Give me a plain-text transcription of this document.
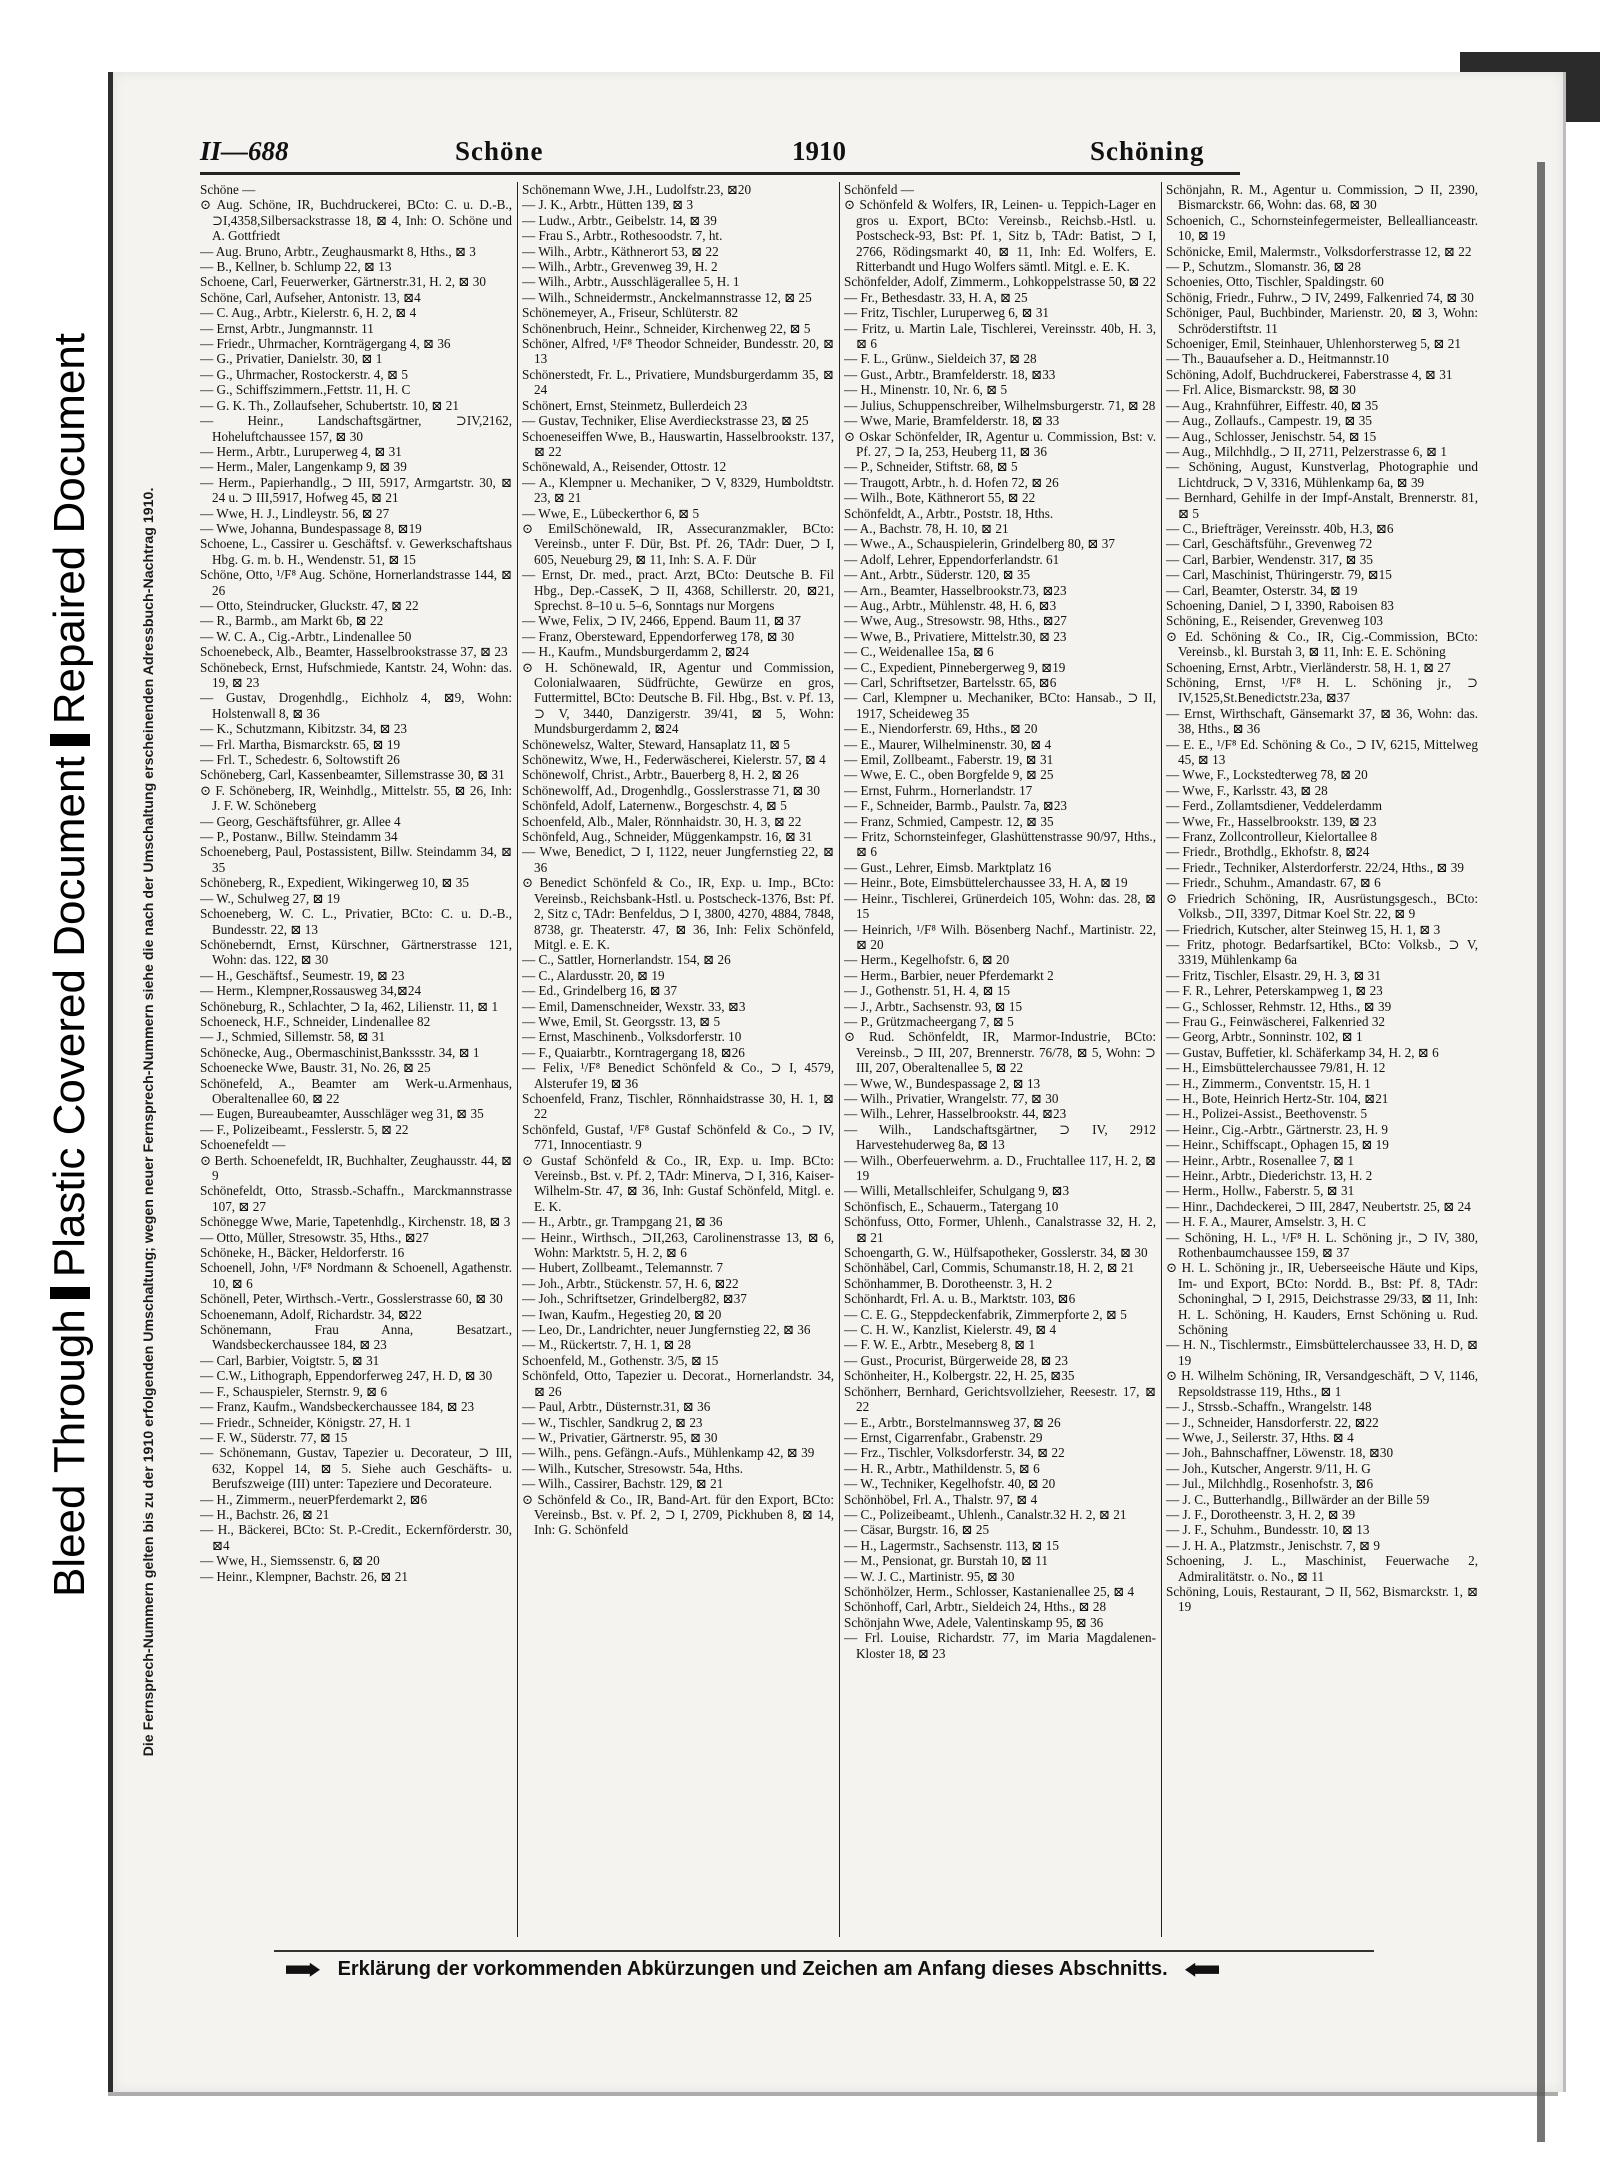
Bleed Through
Plastic Covered Document
Repaired Document	Die Fernsprech-Nummern gelten bis zu der 1910 erfolgenden Umschaltung; wegen neuer Fernsprech-Nummern siehe die nach der Umschaltung erscheinenden Adressbuch-Nachtrag 1910.
II—688	Schöne	1910	Schöning

Schöne —

⊙ Aug. Schöne, IR, Buchdruckerei, BCto: C. u. D.-B., ⊃I,4358,Silbersackstrasse 18, ⊠ 4, Inh: O. Schöne und A. Gottfriedt

— Aug. Bruno, Arbtr., Zeughausmarkt 8, Hths., ⊠ 3

— B., Kellner, b. Schlump 22, ⊠ 13

Schoene, Carl, Feuerwerker, Gärtnerstr.31, H. 2, ⊠ 30

Schöne, Carl, Aufseher, Antonistr. 13, ⊠4

— C. Aug., Arbtr., Kielerstr. 6, H. 2, ⊠ 4

— Ernst, Arbtr., Jungmannstr. 11

— Friedr., Uhrmacher, Kornträgergang 4, ⊠ 36

— G., Privatier, Danielstr. 30, ⊠ 1

— G., Uhrmacher, Rostockerstr. 4, ⊠ 5

— G., Schiffszimmern.,Fettstr. 11, H. C

— G. K. Th., Zollaufseher, Schubertstr. 10, ⊠ 21

— Heinr., Landschaftsgärtner, ⊃IV,2162, Hoheluftchaussee 157, ⊠ 30

— Herm., Arbtr., Luruperweg 4, ⊠ 31

— Herm., Maler, Langenkamp 9, ⊠ 39

— Herm., Papierhandlg., ⊃ III, 5917, Armgartstr. 30, ⊠ 24 u. ⊃ III,5917, Hofweg 45, ⊠ 21

— Wwe, H. J., Lindleystr. 56, ⊠ 27

— Wwe, Johanna, Bundespassage 8, ⊠19

Schoene, L., Cassirer u. Geschäftsf. v. Gewerkschaftshaus Hbg. G. m. b. H., Wendenstr. 51, ⊠ 15

Schöne, Otto, ¹/F⁸ Aug. Schöne, Hornerlandstrasse 144, ⊠ 26

— Otto, Steindrucker, Gluckstr. 47, ⊠ 22

— R., Barmb., am Markt 6b, ⊠ 22

— W. C. A., Cig.-Arbtr., Lindenallee 50

Schoenebeck, Alb., Beamter, Hasselbrookstrasse 37, ⊠ 23

Schönebeck, Ernst, Hufschmiede, Kantstr. 24, Wohn: das. 19, ⊠ 23

— Gustav, Drogenhdlg., Eichholz 4, ⊠9, Wohn: Holstenwall 8, ⊠ 36

— K., Schutzmann, Kibitzstr. 34, ⊠ 23

— Frl. Martha, Bismarckstr. 65, ⊠ 19

— Frl. T., Schedestr. 6, Soltowstift 26

Schöneberg, Carl, Kassenbeamter, Sillemstrasse 30, ⊠ 31

⊙ F. Schöneberg, IR, Weinhdlg., Mittelstr. 55, ⊠ 26, Inh: J. F. W. Schöneberg

— Georg, Geschäftsführer, gr. Allee 4

— P., Postanw., Billw. Steindamm 34

Schoeneberg, Paul, Postassistent, Billw. Steindamm 34, ⊠ 35

Schöneberg, R., Expedient, Wikingerweg 10, ⊠ 35

— W., Schulweg 27, ⊠ 19

Schoeneberg, W. C. L., Privatier, BCto: C. u. D.-B., Bundesstr. 22, ⊠ 13

Schöneberndt, Ernst, Kürschner, Gärtnerstrasse 121, Wohn: das. 122, ⊠ 30

— H., Geschäftsf., Seumestr. 19, ⊠ 23

— Herm., Klempner,Rossausweg 34,⊠24

Schöneburg, R., Schlachter, ⊃ Ia, 462, Lilienstr. 11, ⊠ 1

Schoeneck, H.F., Schneider, Lindenallee 82

— J., Schmied, Sillemstr. 58, ⊠ 31

Schönecke, Aug., Obermaschinist,Bankssstr. 34, ⊠ 1

Schoenecke Wwe, Baustr. 31, No. 26, ⊠ 25

Schönefeld, A., Beamter am Werk-u.Armenhaus, Oberaltenallee 60, ⊠ 22

— Eugen, Bureaubeamter, Ausschläger weg 31, ⊠ 35

— F., Polizeibeamt., Fesslerstr. 5, ⊠ 22

Schoenefeldt —

⊙ Berth. Schoenefeldt, IR, Buchhalter, Zeughausstr. 44, ⊠ 9

Schönefeldt, Otto, Strassb.-Schaffn., Marckmannstrasse 107, ⊠ 27

Schönegge Wwe, Marie, Tapetenhdlg., Kirchenstr. 18, ⊠ 3

— Otto, Müller, Stresowstr. 35, Hths., ⊠27

Schöneke, H., Bäcker, Heldorferstr. 16

Schoenell, John, ¹/F⁸ Nordmann & Schoenell, Agathenstr. 10, ⊠ 6

Schönell, Peter, Wirthsch.-Vertr., Gosslerstrasse 60, ⊠ 30

Schoenemann, Adolf, Richardstr. 34, ⊠22

Schönemann, Frau Anna, Besatzart., Wandsbeckerchaussee 184, ⊠ 23

— Carl, Barbier, Voigtstr. 5, ⊠ 31

— C.W., Lithograph, Eppendorferweg 247, H. D, ⊠ 30

— F., Schauspieler, Sternstr. 9, ⊠ 6

— Franz, Kaufm., Wandsbeckerchaussee 184, ⊠ 23

— Friedr., Schneider, Königstr. 27, H. 1

— F. W., Süderstr. 77, ⊠ 15

— Schönemann, Gustav, Tapezier u. Decorateur, ⊃ III, 632, Koppel 14, ⊠ 5. Siehe auch Geschäfts- u. Berufszweige (III) unter: Tapeziere und Decorateure.

— H., Zimmerm., neuerPferdemarkt 2, ⊠6

— H., Bachstr. 26, ⊠ 21

— H., Bäckerei, BCto: St. P.-Credit., Eckernförderstr. 30, ⊠4

— Wwe, H., Siemssenstr. 6, ⊠ 20

— Heinr., Klempner, Bachstr. 26, ⊠ 21

Schönemann Wwe, J.H., Ludolfstr.23, ⊠20

— J. K., Arbtr., Hütten 139, ⊠ 3

— Ludw., Arbtr., Geibelstr. 14, ⊠ 39

— Frau S., Arbtr., Rothesoodstr. 7, ht.

— Wilh., Arbtr., Käthnerort 53, ⊠ 22

— Wilh., Arbtr., Grevenweg 39, H. 2

— Wilh., Arbtr., Ausschlägerallee 5, H. 1

— Wilh., Schneidermstr., Anckelmannstrasse 12, ⊠ 25

Schönemeyer, A., Friseur, Schlüterstr. 82

Schönenbruch, Heinr., Schneider, Kirchenweg 22, ⊠ 5

Schöner, Alfred, ¹/F⁸ Theodor Schneider, Bundesstr. 20, ⊠ 13

Schönerstedt, Fr. L., Privatiere, Mundsburgerdamm 35, ⊠ 24

Schönert, Ernst, Steinmetz, Bullerdeich 23

— Gustav, Techniker, Elise Averdieckstrasse 23, ⊠ 25

Schoeneseiffen Wwe, B., Hauswartin, Hasselbrookstr. 137, ⊠ 22

Schönewald, A., Reisender, Ottostr. 12

— A., Klempner u. Mechaniker, ⊃ V, 8329, Humboldtstr. 23, ⊠ 21

— Wwe, E., Lübeckerthor 6, ⊠ 5

⊙ EmilSchönewald, IR, Assecuranzmakler, BCto: Vereinsb., unter F. Dür, Bst. Pf. 26, TAdr: Duer, ⊃ I, 605, Neueburg 29, ⊠ 11, Inh: S. A. F. Dür

— Ernst, Dr. med., pract. Arzt, BCto: Deutsche B. Fil Hbg., Dep.-CasseK, ⊃ II, 4368, Schillerstr. 20, ⊠21, Sprechst. 8–10 u. 5–6, Sonntags nur Morgens

— Wwe, Felix, ⊃ IV, 2466, Eppend. Baum 11, ⊠ 37

— Franz, Obersteward, Eppendorferweg 178, ⊠ 30

— H., Kaufm., Mundsburgerdamm 2, ⊠24

⊙ H. Schönewald, IR, Agentur und Commission, Colonialwaaren, Südfrüchte, Gewürze en gros, Futtermittel, BCto: Deutsche B. Fil. Hbg., Bst. v. Pf. 13, ⊃ V, 3440, Danzigerstr. 39/41, ⊠ 5, Wohn: Mundsburgerdamm 2, ⊠24

Schönewelsz, Walter, Steward, Hansaplatz 11, ⊠ 5

Schönewitz, Wwe, H., Federwäscherei, Kielerstr. 57, ⊠ 4

Schönewolf, Christ., Arbtr., Bauerberg 8, H. 2, ⊠ 26

Schönewolff, Ad., Drogenhdlg., Gosslerstrasse 71, ⊠ 30

Schönfeld, Adolf, Laternenw., Borgeschstr. 4, ⊠ 5

Schoenfeld, Alb., Maler, Rönnhaidstr. 30, H. 3, ⊠ 22

Schönfeld, Aug., Schneider, Müggenkampstr. 16, ⊠ 31

— Wwe, Benedict, ⊃ I, 1122, neuer Jungfernstieg 22, ⊠ 36

⊙ Benedict Schönfeld & Co., IR, Exp. u. Imp., BCto: Vereinsb., Reichsbank-Hstl. u. Postscheck-1376, Bst: Pf. 2, Sitz c, TAdr: Benfeldus, ⊃ I, 3800, 4270, 4884, 7848, 8738, gr. Theaterstr. 47, ⊠ 36, Inh: Felix Schönfeld, Mitgl. e. E. K.

— C., Sattler, Hornerlandstr. 154, ⊠ 26

— C., Alardusstr. 20, ⊠ 19

— Ed., Grindelberg 16, ⊠ 37

— Emil, Damenschneider, Wexstr. 33, ⊠3

— Wwe, Emil, St. Georgsstr. 13, ⊠ 5

— Ernst, Maschinenb., Volksdorferstr. 10

— F., Quaiarbtr., Korntragergang 18, ⊠26

— Felix, ¹/F⁸ Benedict Schönfeld & Co., ⊃ I, 4579, Alsterufer 19, ⊠ 36

Schoenfeld, Franz, Tischler, Rönnhaidstrasse 30, H. 1, ⊠ 22

Schönfeld, Gustaf, ¹/F⁸ Gustaf Schönfeld & Co., ⊃ IV, 771, Innocentiastr. 9

⊙ Gustaf Schönfeld & Co., IR, Exp. u. Imp. BCto: Vereinsb., Bst. v. Pf. 2, TAdr: Minerva, ⊃ I, 316, Kaiser-Wilhelm-Str. 47, ⊠ 36, Inh: Gustaf Schönfeld, Mitgl. e. E. K.

— H., Arbtr., gr. Trampgang 21, ⊠ 36

— Heinr., Wirthsch., ⊃II,263, Carolinenstrasse 13, ⊠ 6, Wohn: Marktstr. 5, H. 2, ⊠ 6

— Hubert, Zollbeamt., Telemannstr. 7

— Joh., Arbtr., Stückenstr. 57, H. 6, ⊠22

— Joh., Schriftsetzer, Grindelberg82, ⊠37

— Iwan, Kaufm., Hegestieg 20, ⊠ 20

— Leo, Dr., Landrichter, neuer Jungfernstieg 22, ⊠ 36

— M., Rückertstr. 7, H. 1, ⊠ 28

Schoenfeld, M., Gothenstr. 3/5, ⊠ 15

Schönfeld, Otto, Tapezier u. Decorat., Hornerlandstr. 34, ⊠ 26

— Paul, Arbtr., Düsternstr.31, ⊠ 36

— W., Tischler, Sandkrug 2, ⊠ 23

— W., Privatier, Gärtnerstr. 95, ⊠ 30

— Wilh., pens. Gefängn.-Aufs., Mühlenkamp 42, ⊠ 39

— Wilh., Kutscher, Stresowstr. 54a, Hths.

— Wilh., Cassirer, Bachstr. 129, ⊠ 21

⊙ Schönfeld & Co., IR, Band-Art. für den Export, BCto: Vereinsb., Bst. v. Pf. 2, ⊃ I, 2709, Pickhuben 8, ⊠ 14, Inh: G. Schönfeld

Schönfeld —

⊙ Schönfeld & Wolfers, IR, Leinen- u. Teppich-Lager en gros u. Export, BCto: Vereinsb., Reichsb.-Hstl. u. Postscheck-93, Bst: Pf. 1, Sitz b, TAdr: Batist, ⊃ I, 2766, Rödingsmarkt 40, ⊠ 11, Inh: Ed. Wolfers, E. Ritterbandt und Hugo Wolfers sämtl. Mitgl. e. E. K.

Schönfelder, Adolf, Zimmerm., Lohkoppelstrasse 50, ⊠ 22

— Fr., Bethesdastr. 33, H. A, ⊠ 25

— Fritz, Tischler, Luruperweg 6, ⊠ 31

— Fritz, u. Martin Lale, Tischlerei, Vereinsstr. 40b, H. 3, ⊠ 6

— F. L., Grünw., Sieldeich 37, ⊠ 28

— Gust., Arbtr., Bramfelderstr. 18, ⊠33

— H., Minenstr. 10, Nr. 6, ⊠ 5

— Julius, Schuppenschreiber, Wilhelmsburgerstr. 71, ⊠ 28

— Wwe, Marie, Bramfelderstr. 18, ⊠ 33

⊙ Oskar Schönfelder, IR, Agentur u. Commission, Bst: v. Pf. 27, ⊃ Ia, 253, Heuberg 11, ⊠ 36

— P., Schneider, Stiftstr. 68, ⊠ 5

— Traugott, Arbtr., h. d. Hofen 72, ⊠ 26

— Wilh., Bote, Käthnerort 55, ⊠ 22

Schönfeldt, A., Arbtr., Poststr. 18, Hths.

— A., Bachstr. 78, H. 10, ⊠ 21

— Wwe., A., Schauspielerin, Grindelberg 80, ⊠ 37

— Adolf, Lehrer, Eppendorferlandstr. 61

— Ant., Arbtr., Süderstr. 120, ⊠ 35

— Arn., Beamter, Hasselbrookstr.73, ⊠23

— Aug., Arbtr., Mühlenstr. 48, H. 6, ⊠3

— Wwe, Aug., Stresowstr. 98, Hths., ⊠27

— Wwe, B., Privatiere, Mittelstr.30, ⊠ 23

— C., Weidenallee 15a, ⊠ 6

— C., Expedient, Pinnebergerweg 9, ⊠19

— Carl, Schriftsetzer, Bartelsstr. 65, ⊠6

— Carl, Klempner u. Mechaniker, BCto: Hansab., ⊃ II, 1917, Scheideweg 35

— E., Niendorferstr. 69, Hths., ⊠ 20

— E., Maurer, Wilhelminenstr. 30, ⊠ 4

— Emil, Zollbeamt., Faberstr. 19, ⊠ 31

— Wwe, E. C., oben Borgfelde 9, ⊠ 25

— Ernst, Fuhrm., Hornerlandstr. 17

— F., Schneider, Barmb., Paulstr. 7a, ⊠23

— Franz, Schmied, Campestr. 12, ⊠ 35

— Fritz, Schornsteinfeger, Glashüttenstrasse 90/97, Hths., ⊠ 6

— Gust., Lehrer, Eimsb. Marktplatz 16

— Heinr., Bote, Eimsbüttelerchaussee 33, H. A, ⊠ 19

— Heinr., Tischlerei, Grünerdeich 105, Wohn: das. 28, ⊠ 15

— Heinrich, ¹/F⁸ Wilh. Bösenberg Nachf., Martinistr. 22, ⊠ 20

— Herm., Kegelhofstr. 6, ⊠ 20

— Herm., Barbier, neuer Pferdemarkt 2

— J., Gothenstr. 51, H. 4, ⊠ 15

— J., Arbtr., Sachsenstr. 93, ⊠ 15

— P., Grützmacheergang 7, ⊠ 5

⊙ Rud. Schönfeldt, IR, Marmor-Industrie, BCto: Vereinsb., ⊃ III, 207, Brennerstr. 76/78, ⊠ 5, Wohn: ⊃ III, 207, Oberaltenallee 5, ⊠ 22

— Wwe, W., Bundespassage 2, ⊠ 13

— Wilh., Privatier, Wrangelstr. 77, ⊠ 30

— Wilh., Lehrer, Hasselbrookstr. 44, ⊠23

— Wilh., Landschaftsgärtner, ⊃ IV, 2912 Harvestehuderweg 8a, ⊠ 13

— Wilh., Oberfeuerwehrm. a. D., Fruchtallee 117, H. 2, ⊠ 19

— Willi, Metallschleifer, Schulgang 9, ⊠3

Schönfisch, E., Schauerm., Tatergang 10

Schönfuss, Otto, Former, Uhlenh., Canalstrasse 32, H. 2, ⊠ 21

Schoengarth, G. W., Hülfsapotheker, Gosslerstr. 34, ⊠ 30

Schönhäbel, Carl, Commis, Schumanstr.18, H. 2, ⊠ 21

Schönhammer, B. Dorotheenstr. 3, H. 2

Schönhardt, Frl. A. u. B., Marktstr. 103, ⊠6

— C. E. G., Steppdeckenfabrik, Zimmerpforte 2, ⊠ 5

— C. H. W., Kanzlist, Kielerstr. 49, ⊠ 4

— F. W. E., Arbtr., Meseberg 8, ⊠ 1

— Gust., Procurist, Bürgerweide 28, ⊠ 23

Schönheiter, H., Kolbergstr. 22, H. 25, ⊠35

Schönherr, Bernhard, Gerichtsvollzieher, Reesestr. 17, ⊠ 22

— E., Arbtr., Borstelmannsweg 37, ⊠ 26

— Ernst, Cigarrenfabr., Grabenstr. 29

— Frz., Tischler, Volksdorferstr. 34, ⊠ 22

— H. R., Arbtr., Mathildenstr. 5, ⊠ 6

— W., Techniker, Kegelhofstr. 40, ⊠ 20

Schönhöbel, Frl. A., Thalstr. 97, ⊠ 4

— C., Polizeibeamt., Uhlenh., Canalstr.32 H. 2, ⊠ 21

— Cäsar, Burgstr. 16, ⊠ 25

— H., Lagermstr., Sachsenstr. 113, ⊠ 15

— M., Pensionat, gr. Burstah 10, ⊠ 11

— W. J. C., Martinistr. 95, ⊠ 30

Schönhölzer, Herm., Schlosser, Kastanienallee 25, ⊠ 4

Schönhoff, Carl, Arbtr., Sieldeich 24, Hths., ⊠ 28

Schönjahn Wwe, Adele, Valentinskamp 95, ⊠ 36

— Frl. Louise, Richardstr. 77, im Maria Magdalenen-Kloster 18, ⊠ 23

Schönjahn, R. M., Agentur u. Commission, ⊃ II, 2390, Bismarckstr. 66, Wohn: das. 68, ⊠ 30

Schoenich, C., Schornsteinfegermeister, Belleallianceastr. 10, ⊠ 19

Schönicke, Emil, Malermstr., Volksdorferstrasse 12, ⊠ 22

— P., Schutzm., Slomanstr. 36, ⊠ 28

Schoenies, Otto, Tischler, Spaldingstr. 60

Schönig, Friedr., Fuhrw., ⊃ IV, 2499, Falkenried 74, ⊠ 30

Schöniger, Paul, Buchbinder, Marienstr. 20, ⊠ 3, Wohn: Schröderstiftstr. 11

Schoeniger, Emil, Steinhauer, Uhlenhorsterweg 5, ⊠ 21

— Th., Bauaufseher a. D., Heitmannstr.10

Schöning, Adolf, Buchdruckerei, Faberstrasse 4, ⊠ 31

— Frl. Alice, Bismarckstr. 98, ⊠ 30

— Aug., Krahnführer, Eiffestr. 40, ⊠ 35

— Aug., Zollaufs., Campestr. 19, ⊠ 35

— Aug., Schlosser, Jenischstr. 54, ⊠ 15

— Aug., Milchhdlg., ⊃ II, 2711, Pelzerstrasse 6, ⊠ 1

— Schöning, August, Kunstverlag, Photographie und Lichtdruck, ⊃ V, 3316, Mühlenkamp 6a, ⊠ 39

— Bernhard, Gehilfe in der Impf-Anstalt, Brennerstr. 81, ⊠ 5

— C., Briefträger, Vereinsstr. 40b, H.3, ⊠6

— Carl, Geschäftsführ., Grevenweg 72

— Carl, Barbier, Wendenstr. 317, ⊠ 35

— Carl, Maschinist, Thüringerstr. 79, ⊠15

— Carl, Beamter, Osterstr. 34, ⊠ 19

Schoening, Daniel, ⊃ I, 3390, Raboisen 83

Schöning, E., Reisender, Grevenweg 103

⊙ Ed. Schöning & Co., IR, Cig.-Commission, BCto: Vereinsb., kl. Burstah 3, ⊠ 11, Inh: E. E. Schöning

Schoening, Ernst, Arbtr., Vierländerstr. 58, H. 1, ⊠ 27

Schöning, Ernst, ¹/F⁸ H. L. Schöning jr., ⊃ IV,1525,St.Benedictstr.23a, ⊠37

— Ernst, Wirthschaft, Gänsemarkt 37, ⊠ 36, Wohn: das. 38, Hths., ⊠ 36

— E. E., ¹/F⁸ Ed. Schöning & Co., ⊃ IV, 6215, Mittelweg 45, ⊠ 13

— Wwe, F., Lockstedterweg 78, ⊠ 20

— Wwe, F., Karlsstr. 43, ⊠ 28

— Ferd., Zollamtsdiener, Veddelerdamm

— Wwe, Fr., Hasselbrookstr. 139, ⊠ 23

— Franz, Zollcontrolleur, Kielortallee 8

— Friedr., Brothdlg., Ekhofstr. 8, ⊠24

— Friedr., Techniker, Alsterdorferstr. 22/24, Hths., ⊠ 39

— Friedr., Schuhm., Amandastr. 67, ⊠ 6

⊙ Friedrich Schöning, IR, Ausrüstungsgesch., BCto: Volksb., ⊃II, 3397, Ditmar Koel Str. 22, ⊠ 9

— Friedrich, Kutscher, alter Steinweg 15, H. 1, ⊠ 3

— Fritz, photogr. Bedarfsartikel, BCto: Volksb., ⊃ V, 3319, Mühlenkamp 6a

— Fritz, Tischler, Elsastr. 29, H. 3, ⊠ 31

— F. R., Lehrer, Peterskampweg 1, ⊠ 23

— G., Schlosser, Rehmstr. 12, Hths., ⊠ 39

— Frau G., Feinwäscherei, Falkenried 32

— Georg, Arbtr., Sonninstr. 102, ⊠ 1

— Gustav, Buffetier, kl. Schäferkamp 34, H. 2, ⊠ 6

— H., Eimsbüttelerchaussee 79/81, H. 12

— H., Zimmerm., Conventstr. 15, H. 1

— H., Bote, Heinrich Hertz-Str. 104, ⊠21

— H., Polizei-Assist., Beethovenstr. 5

— Heinr., Cig.-Arbtr., Gärtnerstr. 23, H. 9

— Heinr., Schiffscapt., Ophagen 15, ⊠ 19

— Heinr., Arbtr., Rosenallee 7, ⊠ 1

— Heinr., Arbtr., Diederichstr. 13, H. 2

— Herm., Hollw., Faberstr. 5, ⊠ 31

— Hinr., Dachdeckerei, ⊃ III, 2847, Neubertstr. 25, ⊠ 24

— H. F. A., Maurer, Amselstr. 3, H. C

— Schöning, H. L., ¹/F⁸ H. L. Schöning jr., ⊃ IV, 380, Rothenbaumchaussee 159, ⊠ 37

⊙ H. L. Schöning jr., IR, Ueberseeische Häute und Kips, Im- und Export, BCto: Nordd. B., Bst: Pf. 8, TAdr: Schoninghal, ⊃ I, 2915, Deichstrasse 29/33, ⊠ 11, Inh: H. L. Schöning, H. Kauders, Ernst Schöning u. Rud. Schöning

— H. N., Tischlermstr., Eimsbüttelerchaussee 33, H. D, ⊠ 19

⊙ H. Wilhelm Schöning, IR, Versandgeschäft, ⊃ V, 1146, Repsoldstrasse 119, Hths., ⊠ 1

— J., Strssb.-Schaffn., Wrangelstr. 148

— J., Schneider, Hansdorferstr. 22, ⊠22

— Wwe, J., Seilerstr. 37, Hths. ⊠ 4

— Joh., Bahnschaffner, Löwenstr. 18, ⊠30

— Joh., Kutscher, Angerstr. 9/11, H. G

— Jul., Milchhdlg., Rosenhofstr. 3, ⊠6

— J. C., Butterhandlg., Billwärder an der Bille 59

— J. F., Dorotheenstr. 3, H. 2, ⊠ 39

— J. F., Schuhm., Bundesstr. 10, ⊠ 13

— J. H. A., Platzmstr., Jenischstr. 7, ⊠ 9

Schoening, J. L., Maschinist, Feuerwache 2, Admiralitätstr. o. No., ⊠ 11

Schöning, Louis, Restaurant, ⊃ II, 562, Bismarckstr. 1, ⊠ 19

Erklärung der vorkommenden Abkürzungen und Zeichen am Anfang dieses Abschnitts.
